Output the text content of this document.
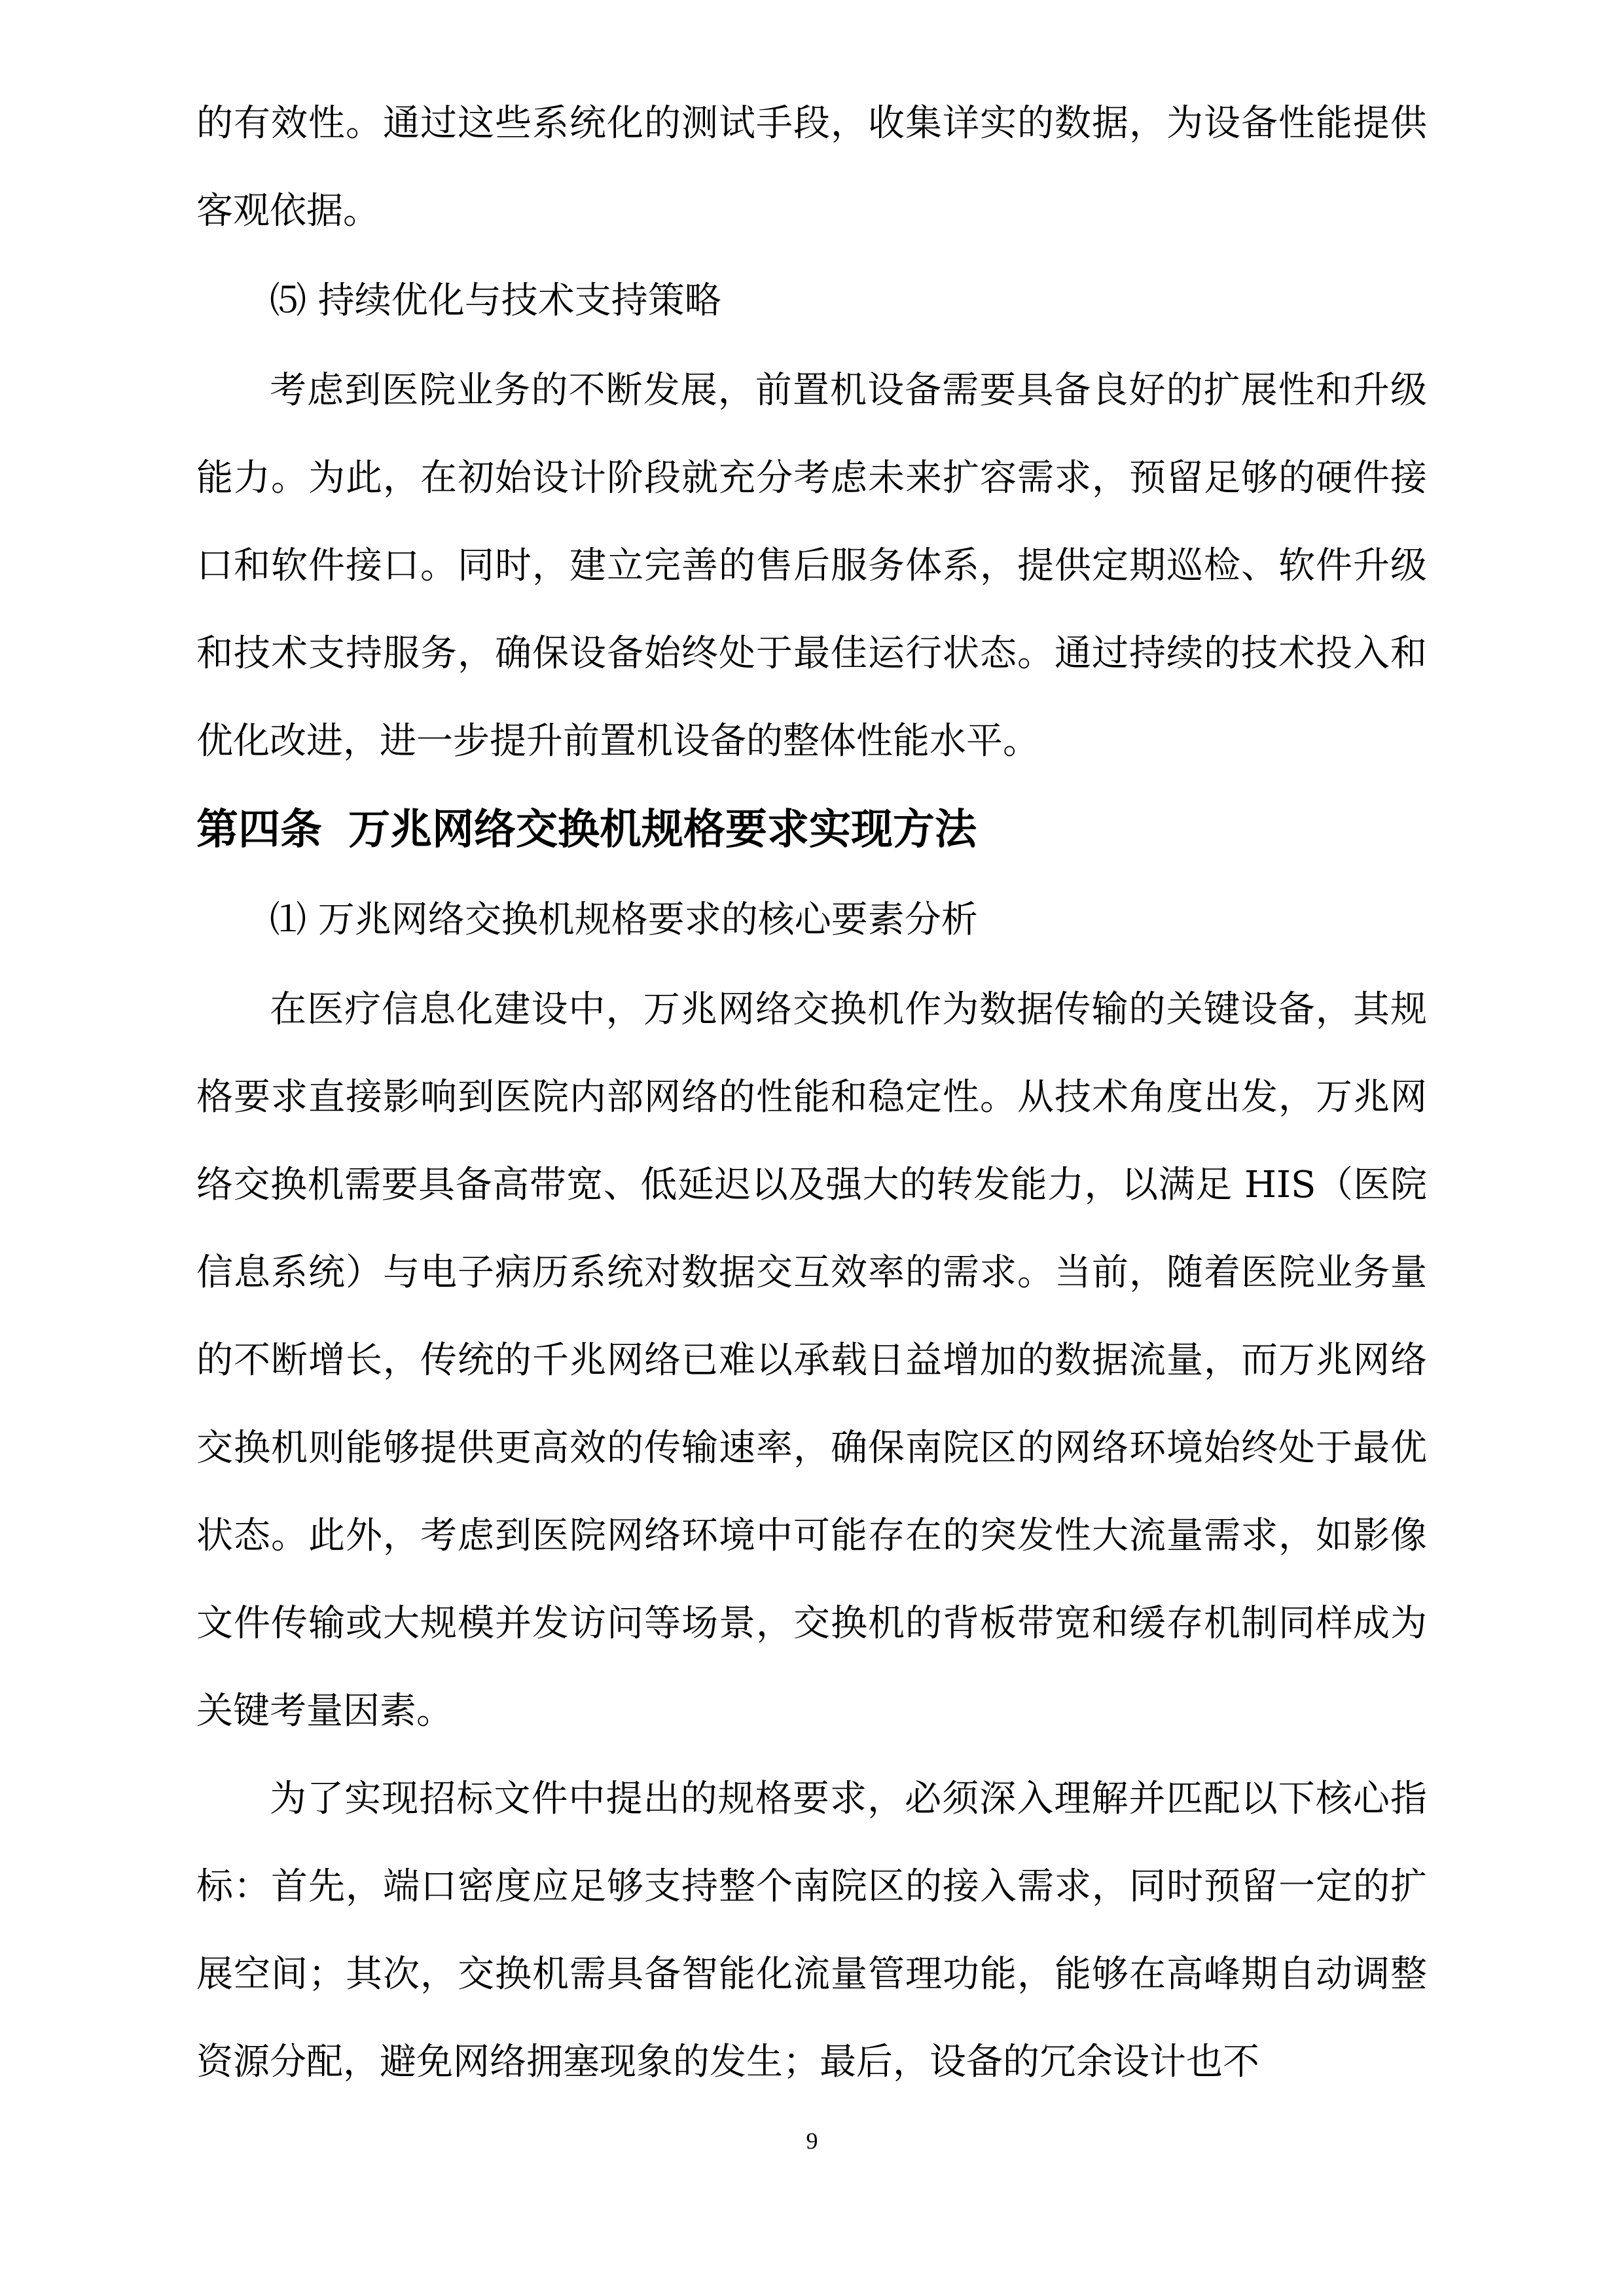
的有效性。通过这些系统化的测试手段，收集详实的数据，为设备性能提供客观依据。

⑸ 持续优化与技术支持策略

考虑到医院业务的不断发展，前置机设备需要具备良好的扩展性和升级能力。为此，在初始设计阶段就充分考虑未来扩容需求，预留足够的硬件接口和软件接口。同时，建立完善的售后服务体系，提供定期巡检、软件升级和技术支持服务，确保设备始终处于最佳运行状态。通过持续的技术投入和优化改进，进一步提升前置机设备的整体性能水平。

第四条 万兆网络交换机规格要求实现方法

⑴ 万兆网络交换机规格要求的核心要素分析

在医疗信息化建设中，万兆网络交换机作为数据传输的关键设备，其规格要求直接影响到医院内部网络的性能和稳定性。从技术角度出发，万兆网络交换机需要具备高带宽、低延迟以及强大的转发能力，以满足 HIS（医院信息系统）与电子病历系统对数据交互效率的需求。当前，随着医院业务量的不断增长，传统的千兆网络已难以承载日益增加的数据流量，而万兆网络交换机则能够提供更高效的传输速率，确保南院区的网络环境始终处于最优状态。此外，考虑到医院网络环境中可能存在的突发性大流量需求，如影像文件传输或大规模并发访问等场景，交换机的背板带宽和缓存机制同样成为关键考量因素。

为了实现招标文件中提出的规格要求，必须深入理解并匹配以下核心指标：首先，端口密度应足够支持整个南院区的接入需求，同时预留一定的扩展空间；其次，交换机需具备智能化流量管理功能，能够在高峰期自动调整资源分配，避免网络拥塞现象的发生；最后，设备的冗余设计也不

9
